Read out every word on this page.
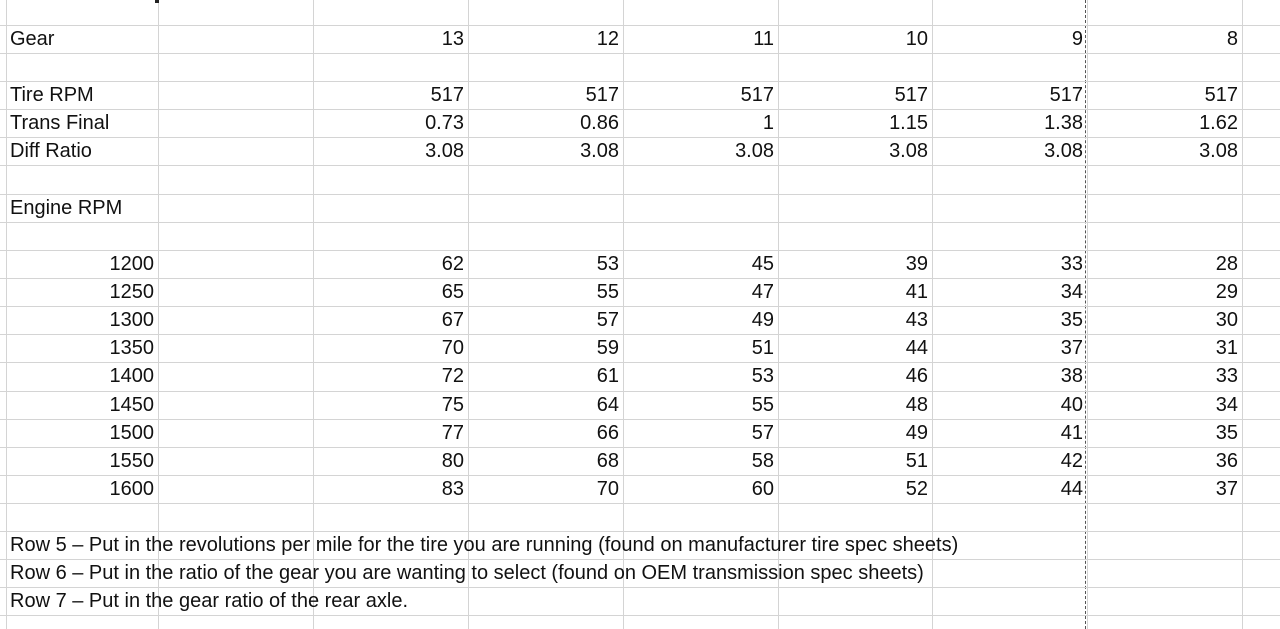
Gear	13	12	11	10	9	8
Tire RPM	517	517	517	517	517	517
Trans Final	0.73	0.86	1	1.15	1.38	1.62
Diff Ratio	3.08	3.08	3.08	3.08	3.08	3.08
Engine RPM
1200	62	53	45	39	33	28
1250	65	55	47	41	34	29
1300	67	57	49	43	35	30
1350	70	59	51	44	37	31
1400	72	61	53	46	38	33
1450	75	64	55	48	40	34
1500	77	66	57	49	41	35
1550	80	68	58	51	42	36
1600	83	70	60	52	44	37
Row 5 – Put in the revolutions per mile for the tire you are running (found on manufacturer tire spec sheets)
Row 6 – Put in the ratio of the gear you are wanting to select (found on OEM transmission spec sheets)
Row 7 – Put in the gear ratio of the rear axle.
